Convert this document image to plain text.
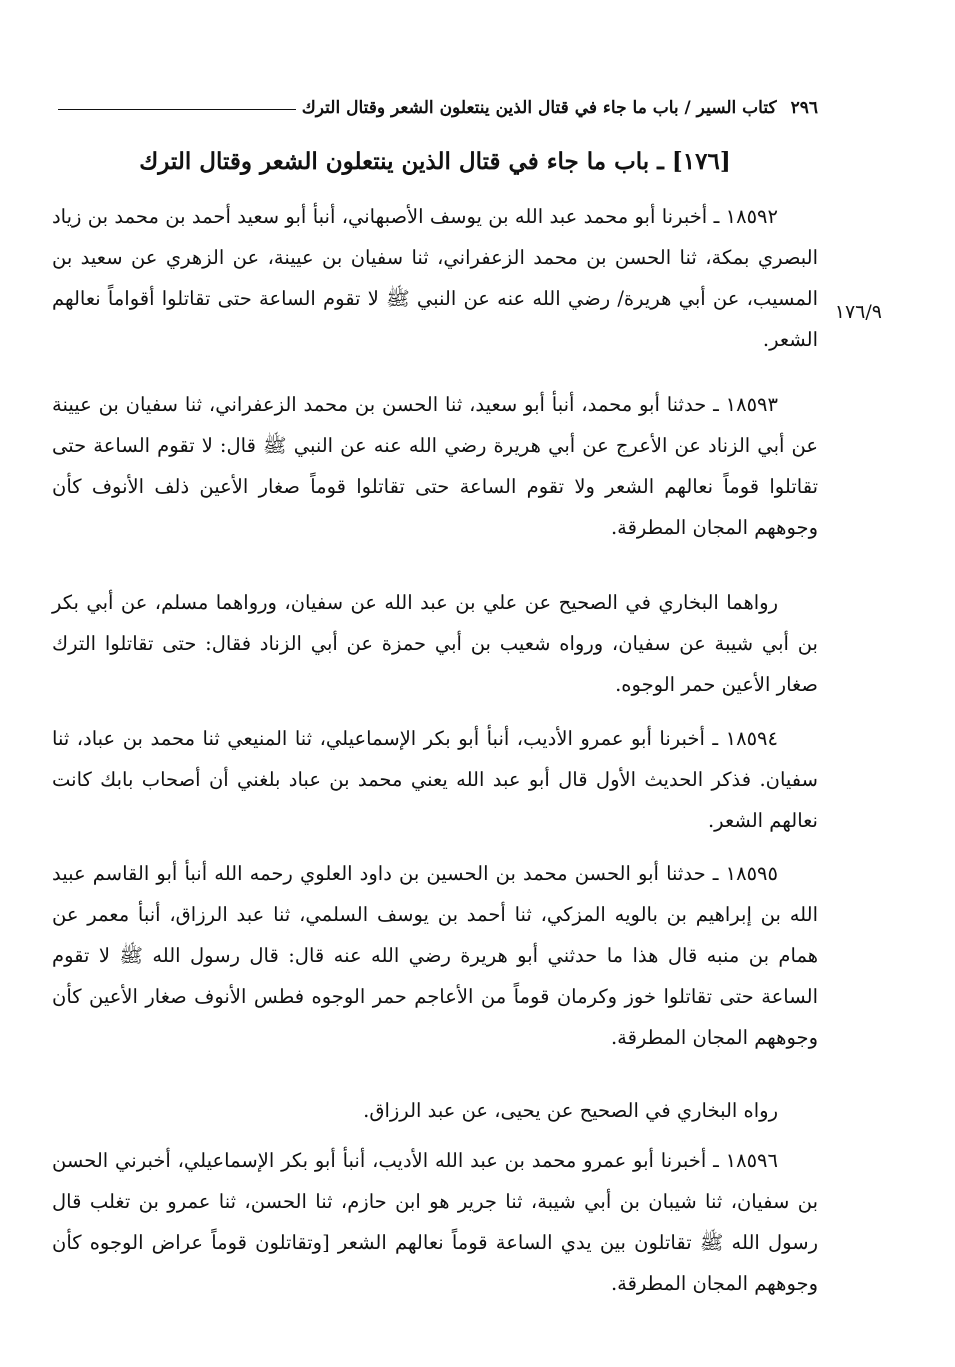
٢٩٦
كتاب السير / باب ما جاء في قتال الذين ينتعلون الشعر وقتال الترك
[١٧٦] ـ باب ما جاء في قتال الذين ينتعلون الشعر وقتال الترك
١٧٦/٩

١٨٥٩٢ ـ أخبرنا أبو محمد عبد الله بن يوسف الأصبهاني، أنبأ أبو سعيد أحمد بن محمد بن زياد البصري بمكة، ثنا الحسن بن محمد الزعفراني، ثنا سفيان بن عيينة، عن الزهري عن سعيد بن المسيب، عن أبي هريرة/ رضي الله عنه عن النبي ﷺ لا تقوم الساعة حتى تقاتلوا أقواماً نعالهم الشعر.

١٨٥٩٣ ـ حدثنا أبو محمد، أنبأ أبو سعيد، ثنا الحسن بن محمد الزعفراني، ثنا سفيان بن عيينة عن أبي الزناد عن الأعرج عن أبي هريرة رضي الله عنه عن النبي ﷺ قال: لا تقوم الساعة حتى تقاتلوا قوماً نعالهم الشعر ولا تقوم الساعة حتى تقاتلوا قوماً صغار الأعين ذلف الأنوف كأن وجوههم المجان المطرقة.

رواهما البخاري في الصحيح عن علي بن عبد الله عن سفيان، ورواهما مسلم، عن أبي بكر بن أبي شيبة عن سفيان، ورواه شعيب بن أبي حمزة عن أبي الزناد فقال: حتى تقاتلوا الترك صغار الأعين حمر الوجوه.

١٨٥٩٤ ـ أخبرنا أبو عمرو الأديب، أنبأ أبو بكر الإسماعيلي، ثنا المنيعي ثنا محمد بن عباد، ثنا سفيان. فذكر الحديث الأول قال أبو عبد الله يعني محمد بن عباد بلغني أن أصحاب بابك كانت نعالهم الشعر.

١٨٥٩٥ ـ حدثنا أبو الحسن محمد بن الحسين بن داود العلوي رحمه الله أنبأ أبو القاسم عبيد الله بن إبراهيم بن بالويه المزكي، ثنا أحمد بن يوسف السلمي، ثنا عبد الرزاق، أنبأ معمر عن همام بن منبه قال هذا ما حدثني أبو هريرة رضي الله عنه قال: قال رسول الله ﷺ لا تقوم الساعة حتى تقاتلوا خوز وكرمان قوماً من الأعاجم حمر الوجوه فطس الأنوف صغار الأعين كأن وجوههم المجان المطرقة.

رواه البخاري في الصحيح عن يحيى، عن عبد الرزاق.

١٨٥٩٦ ـ أخبرنا أبو عمرو محمد بن عبد الله الأديب، أنبأ أبو بكر الإسماعيلي، أخبرني الحسن بن سفيان، ثنا شيبان بن أبي شيبة، ثنا جرير هو ابن حازم، ثنا الحسن، ثنا عمرو بن تغلب قال رسول الله ﷺ تقاتلون بين يدي الساعة قوماً نعالهم الشعر [وتقاتلون قوماً عراض الوجوه كأن وجوههم المجان المطرقة.
